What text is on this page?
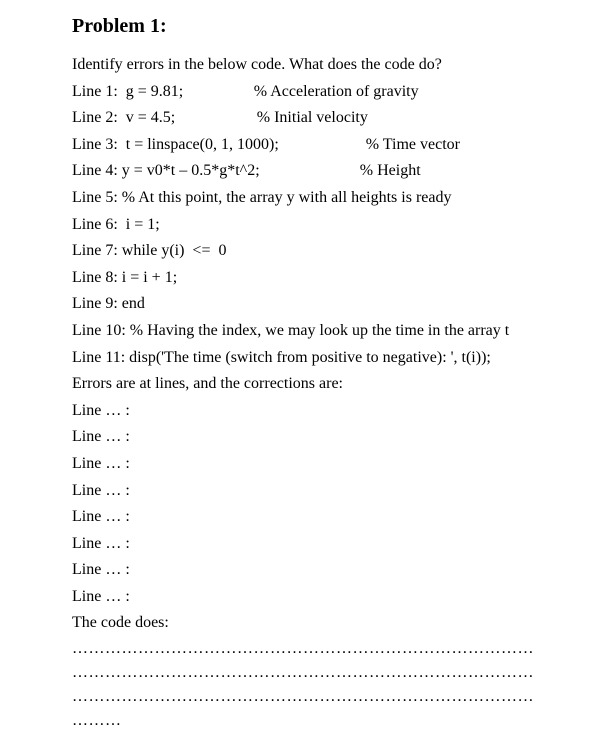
Problem 1:
Identify errors in the below code. What does the code do?
Line 1: g = 9.81;	% Acceleration of gravity
Line 2: v = 4.5;	% Initial velocity
Line 3: t = linspace(0, 1, 1000);	% Time vector
Line 4: y = v0*t – 0.5*g*t^2;	% Height
Line 5: % At this point, the array y with all heights is ready
Line 6: i = 1;
Line 7: while y(i)  <=  0
Line 8: i = i + 1;
Line 9: end
Line 10: % Having the index, we may look up the time in the array t
Line 11: disp('The time (switch from positive to negative): ', t(i));
Errors are at lines, and the corrections are:
Line … :
Line … :
Line … :
Line … :
Line … :
Line … :
Line … :
Line … :
The code does:
…………………………………………………………………………
…………………………………………………………………………
…………………………………………………………………………
………
